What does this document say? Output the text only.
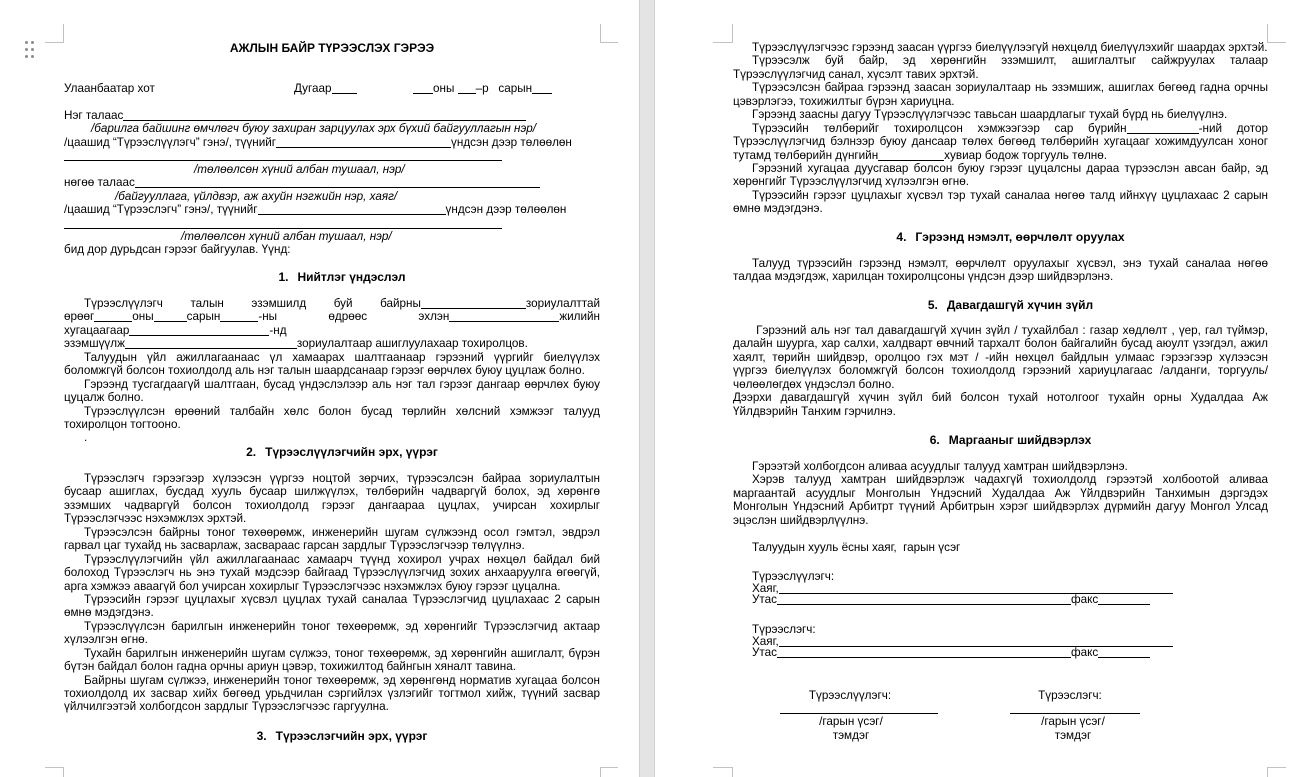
АЖЛЫН БАЙР ТҮРЭЭСЛЭХ ГЭРЭЭ
Улаанбаатар хот	Дугаар	оны –р сарын
Нэг талаас
/барилга байшинг өмчлөгч буюу захиран зарцуулах эрх бүхий байгууллагын нэр/
/цаашид “Түрээслүүлэгч” гэнэ/, түүнийг	үндсэн дээр төлөөлөн
/төлөөлсөн хүний албан тушаал, нэр/
нөгөө талаас
/байгууллага, үйлдвэр, аж ахуйн нэгжийн нэр, хаяг/
/цаашид “Түрээслэгч” гэнэ/, түүнийг	үндсэн дээр төлөөлөн
/төлөөлсөн хүний албан тушаал, нэр/
бид дор дурьдсан гэрээг байгуулав. Үүнд:
1. Нийтлэг үндэслэл
Түрээслүүлэгч талын эзэмшилд буй байрны	зориулалттай
өрөөг	оны	сарын	-ны өдрөөс эхлэн	жилийн
хугацаагаар	-нд
эзэмшүүлж	зориулалтаар ашиглуулахаар тохиролцов.
Талуудын үйл ажиллагаанаас үл хамаарах шалтгаанаар гэрээний үүргийг биелүүлэх
боломжгүй болсон тохиолдолд аль нэг талын шаардсанаар гэрээг өөрчлөх буюу цуцлаж болно.
Гэрээнд тусгагдаагүй шалтгаан, бусад үндэслэлээр аль нэг тал гэрээг дангаар өөрчлөх буюу
цуцалж болно.
Түрээслүүлсэн өрөөний талбайн хөлс болон бусад төрлийн хөлсний хэмжээг талууд
тохиролцон тогтооно.
.
2. Түрээслүүлэгчийн эрх, үүрэг
Түрээслэгч гэрээгээр хүлээсэн үүргээ ноцтой зөрчих, түрээсэлсэн байраа зориулалтын
бусаар ашиглах, бусдад хууль бусаар шилжүүлэх, төлбөрийн чадваргүй болох, эд хөрөнгө
эзэмших чадваргүй болсон тохиолдолд гэрээг дангаараа цуцлах, учирсан хохирлыг
Түрээслэгчээс нэхэмжлэх эрхтэй.
Түрээсэлсэн байрны тоног төхөөрөмж, инженерийн шугам сүлжээнд осол гэмтэл, эвдрэл
гарвал цаг тухайд нь засварлаж, засвараас гарсан зардлыг Түрээслэгчээр төлүүлнэ.
Түрээслүүлэгчийн үйл ажиллагаанаас хамаарч түүнд хохирол учрах нөхцөл байдал бий
болоход Түрээслэгч нь энэ тухай мэдсээр байгаад Түрээслүүлэгчид зохих анхааруулга өгөөгүй,
арга хэмжээ аваагүй бол учирсан хохирлыг Түрээслэгчээс нэхэмжлэх буюу гэрээг цуцална.
Түрээсийн гэрээг цуцлахыг хүсвэл цуцлах тухай саналаа Түрээслэгчид цуцлахаас 2 сарын
өмнө мэдэгдэнэ.
Түрээслүүлсэн барилгын инженерийн тоног төхөөрөмж, эд хөрөнгийг Түрээслэгчид актаар
хүлээлгэн өгнө.
Тухайн барилгын инженерийн шугам сүлжээ, тоног төхөөрөмж, эд хөрөнгийн ашиглалт, бүрэн
бүтэн байдал болон гадна орчны ариун цэвэр, тохижилтод байнгын хяналт тавина.
Байрны шугам сүлжээ, инженерийн тоног төхөөрөмж, эд хөрөнгөнд норматив хугацаа болсон
тохиолдолд их засвар хийх бөгөөд урьдчилан сэргийлэх үзлэгийг тогтмол хийж, түүний засвар
үйлчилгээтэй холбогдсон зардлыг Түрээслэгчээс гаргуулна.
3. Түрээслэгчийн эрх, үүрэг
Түрээслүүлэгчээс гэрээнд заасан үүргээ биелүүлээгүй нөхцөлд биелүүлэхийг шаардах эрхтэй.
Түрээсэлж буй байр, эд хөрөнгийн эзэмшилт, ашиглалтыг сайжруулах талаар
Түрээслүүлэгчид санал, хүсэлт тавих эрхтэй.
Түрээсэлсэн байраа гэрээнд заасан зориулалтаар нь эзэмшиж, ашиглах бөгөөд гадна орчны
цэвэрлэгээ, тохижилтыг бүрэн хариуцна.
Гэрээнд заасны дагуу Түрээслүүлэгчээс тавьсан шаардлагыг тухай бүрд нь биелүүлнэ.
Түрээсийн төлбөрийг тохиролцсон хэмжээгээр сар бүрийн	-ний дотор
Түрээслүүлэгчид бэлнээр буюу дансаар төлөх бөгөөд төлбөрийн хугацааг хожимдуулсан хоног
тутамд төлбөрийн дүнгийн	хувиар бодож торгууль төлнө.
Гэрээний хугацаа дуусгавар болсон буюу гэрээг цуцалсны дараа түрээслэн авсан байр, эд
хөрөнгийг Түрээслүүлэгчид хүлээлгэн өгнө.
Түрээсийн гэрээг цуцлахыг хүсвэл тэр тухай саналаа нөгөө талд ийнхүү цуцлахаас 2 сарын
өмнө мэдэгдэнэ.
4. Гэрээнд нэмэлт, өөрчлөлт оруулах
Талууд түрээсийн гэрээнд нэмэлт, өөрчлөлт оруулахыг хүсвэл, энэ тухай саналаа нөгөө
талдаа мэдэгдэж, харилцан тохиролцсоны үндсэн дээр шийдвэрлэнэ.
5. Давагдашгүй хүчин зүйл
Гэрээний аль нэг тал давагдашгүй хүчин зүйл / тухайлбал : газар хөдлөлт , үер, гал түймэр,
далайн шуурга, хар салхи, халдварт өвчний тархалт болон байгалийн бусад аюулт үзэгдэл, ажил
хаялт, төрийн шийдвэр, оролцоо гэх мэт / -ийн нөхцөл байдлын улмаас гэрээгээр хүлээсэн
үүргээ биелүүлэх боломжгүй болсон тохиолдолд гэрээний хариуцлагаас /алданги, торгууль/
чөлөөлөгдөх үндэслэл болно.
Дээрхи давагдашгүй хүчин зүйл бий болсон тухай нотолгоог тухайн орны Худалдаа Аж
Үйлдвэрийн Танхим гэрчилнэ.
6. Маргааныг шийдвэрлэх
Гэрээтэй холбогдсон аливаа асуудлыг талууд хамтран шийдвэрлэнэ.
Хэрэв талууд хамтран шийдвэрлэж чадахгүй тохиолдолд гэрээтэй холбоотой аливаа
маргаантай асуудлыг Монголын Үндэсний Худалдаа Аж Үйлдвэрийн Танхимын дэргэдэх
Монголын Үндэсний Арбитрт түүний Арбитрын хэрэг шийдвэрлэх дүрмийн дагуу Монгол Улсад
эцэслэн шийдвэрлүүлнэ.
Талуудын хууль ёсны хаяг,  гарын үсэг
Түрээслүүлэгч:
Хаяг,
Утас	факс
Түрээслэгч:
Хаяг,
Утас	факс
Түрээслүүлэгч:
/гарын үсэг/
тэмдэг
Түрээслэгч:
/гарын үсэг/
тэмдэг
